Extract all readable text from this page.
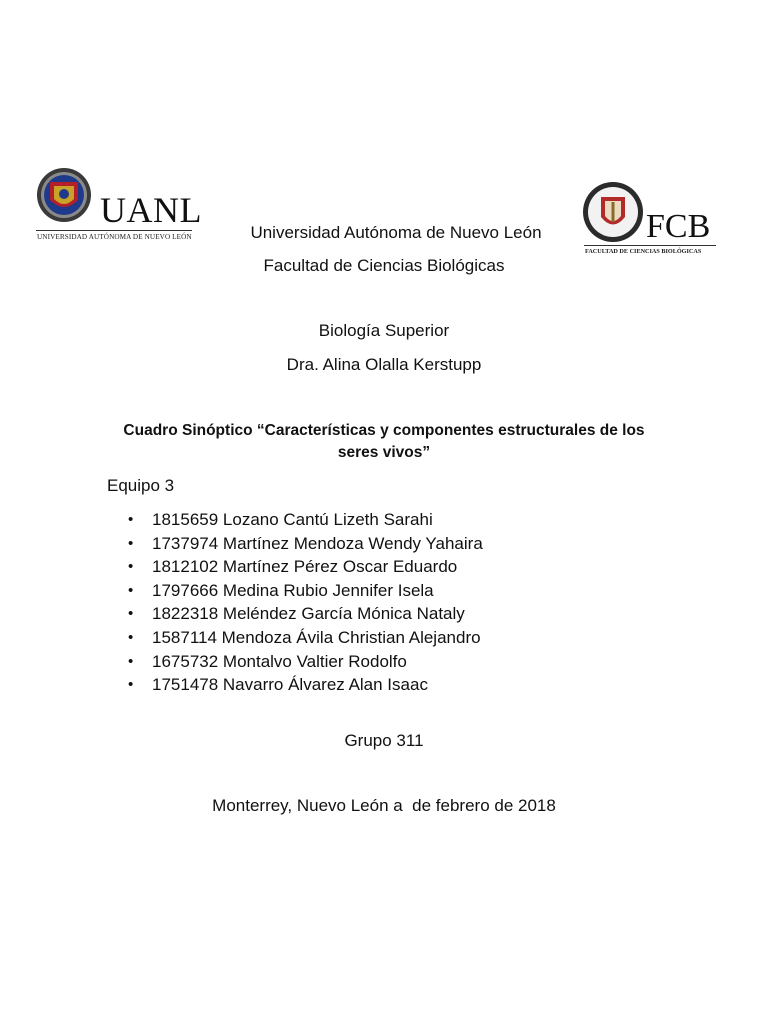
UANL
UNIVERSIDAD AUTÓNOMA DE NUEVO LEÓN	FCB
FACULTAD DE CIENCIAS BIOLÓGICAS
Universidad Autónoma de Nuevo León
Facultad de Ciencias Biológicas
Biología Superior
Dra. Alina Olalla Kerstupp
Cuadro Sinóptico “Características y componentes estructurales de los
seres vivos”
Equipo 3
• 1815659 Lozano Cantú Lizeth Sarahi
• 1737974 Martínez Mendoza Wendy Yahaira
• 1812102 Martínez Pérez Oscar Eduardo
• 1797666 Medina Rubio Jennifer Isela
• 1822318 Meléndez García Mónica Nataly
• 1587114 Mendoza Ávila Christian Alejandro
• 1675732 Montalvo Valtier Rodolfo
• 1751478 Navarro Álvarez Alan Isaac
Grupo 311
Monterrey, Nuevo León a  de febrero de 2018
